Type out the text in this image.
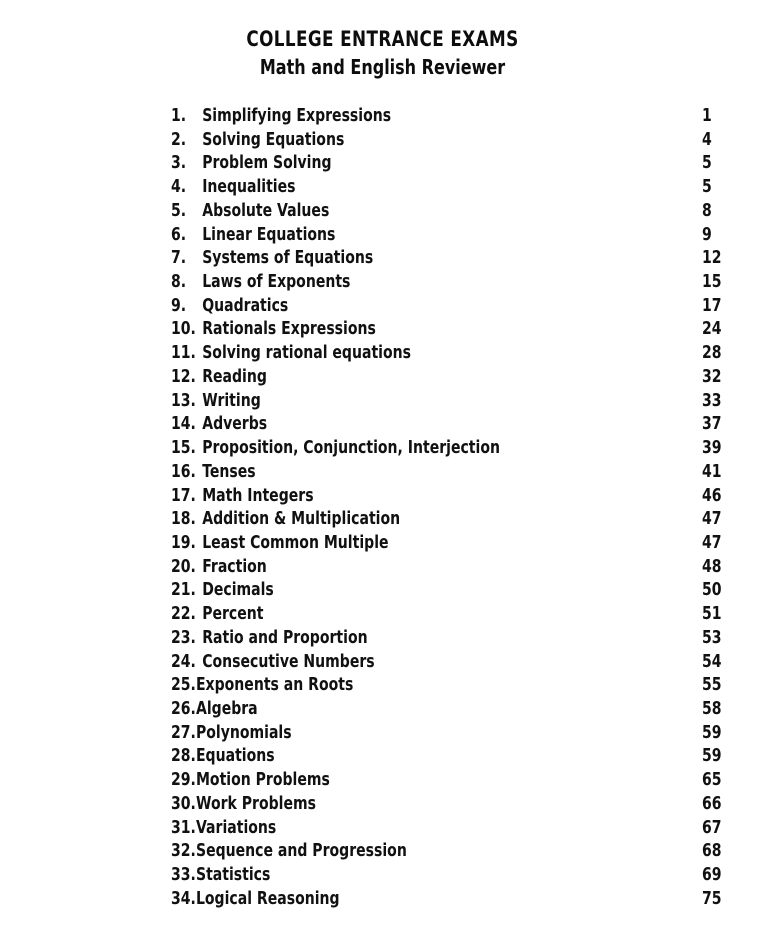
COLLEGE ENTRANCE EXAMS
Math and English Reviewer
1. Simplifying Expressions	1
2. Solving Equations	4
3. Problem Solving	5
4. Inequalities	5
5. Absolute Values	8
6. Linear Equations	9
7. Systems of Equations	12
8. Laws of Exponents	15
9. Quadratics	17
10. Rationals Expressions	24
11. Solving rational equations	28
12. Reading	32
13. Writing	33
14. Adverbs	37
15. Proposition, Conjunction, Interjection	39
16. Tenses	41
17. Math Integers	46
18. Addition & Multiplication	47
19. Least Common Multiple	47
20. Fraction	48
21. Decimals	50
22. Percent	51
23. Ratio and Proportion	53
24. Consecutive Numbers	54
25.Exponents an Roots	55
26.Algebra	58
27.Polynomials	59
28.Equations	59
29.Motion Problems	65
30.Work Problems	66
31.Variations	67
32.Sequence and Progression	68
33.Statistics	69
34.Logical Reasoning	75
